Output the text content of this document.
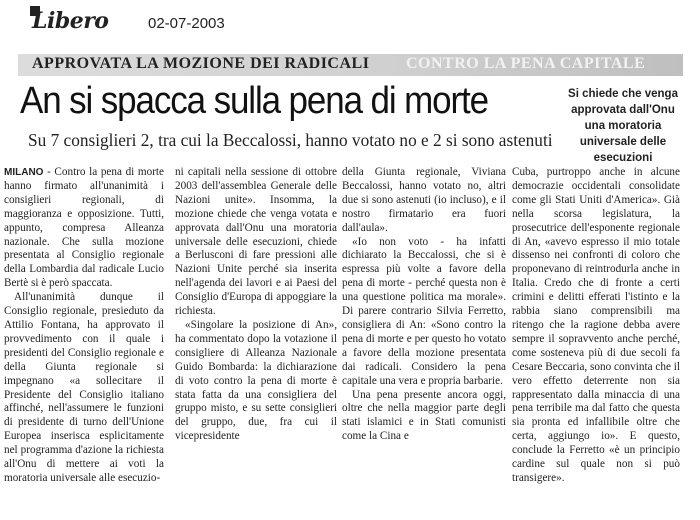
Libero	02-07-2003
APPROVATA LA MOZIONE DEI RADICALI CONTRO LA PENA CAPITALE
An si spacca sulla pena di morte
Su 7 consiglieri 2, tra cui la Beccalossi, hanno votato no e 2 si sono astenuti
Si chiede che venga approvata dall'Onu una moratoria universale delle esecuzioni

MILANO - Contro la pena di morte hanno firmato all'unanimità i consiglieri regionali, di maggioranza e opposizione. Tutti, appunto, compresa Alleanza nazionale. Che sulla mozione presentata al Consiglio regionale della Lombardia dal radicale Lucio Bertè si è però spaccata.

All'unanimità dunque il Consiglio regionale, presieduto da Attilio Fontana, ha approvato il provvedimento con il quale i presidenti del Consiglio regionale e della Giunta regionale si impegnano «a sollecitare il Presidente del Consiglio italiano affinché, nell'assumere le funzioni di presidente di turno dell'Unione Europea inserisca esplicitamente nel programma d'azione la richiesta all'Onu di mettere ai voti la moratoria universale alle esecuzio-

ni capitali nella sessione di ottobre 2003 dell'assemblea Generale delle Nazioni unite». Insomma, la mozione chiede che venga votata e approvata dall'Onu una moratoria universale delle esecuzioni, chiede a Berlusconi di fare pressioni alle Nazioni Unite perché sia inserita nell'agenda dei lavori e ai Paesi del Consiglio d'Europa di appoggiare la richiesta.

«Singolare la posizione di An», ha commentato dopo la votazione il consigliere di Alleanza Nazionale Guido Bombarda: la dichiarazione di voto contro la pena di morte è stata fatta da una consigliera del gruppo misto, e su sette consiglieri del gruppo, due, fra cui il vicepresidente

della Giunta regionale, Viviana Beccalossi, hanno votato no, altri due si sono astenuti (io incluso), e il nostro firmatario era fuori dall'aula».

«Io non voto - ha infatti dichiarato la Beccalossi, che si è espressa più volte a favore della pena di morte - perché questa non è una questione politica ma morale». Di parere contrario Silvia Ferretto, consigliera di An: «Sono contro la pena di morte e per questo ho votato a favore della mozione presentata dai radicali. Considero la pena capitale una vera e propria barbarie.

Una pena presente ancora oggi, oltre che nella maggior parte degli stati islamici e in Stati comunisti come la Cina e

Cuba, purtroppo anche in alcune democrazie occidentali consolidate come gli Stati Uniti d'America». Già nella scorsa legislatura, la prosecutrice dell'esponente regionale di An, «avevo espresso il mio totale dissenso nei confronti di coloro che proponevano di reintrodurla anche in Italia. Credo che di fronte a certi crimini e delitti efferati l'istinto e la rabbia siano comprensibili ma ritengo che la ragione debba avere sempre il sopravvento anche perché, come sosteneva più di due secoli fa Cesare Beccaria, sono convinta che il vero effetto deterrente non sia rappresentato dalla minaccia di una pena terribile ma dal fatto che questa sia pronta ed infallibile oltre che certa, aggiungo io». E questo, conclude la Ferretto «è un principio cardine sul quale non si può transigere».
